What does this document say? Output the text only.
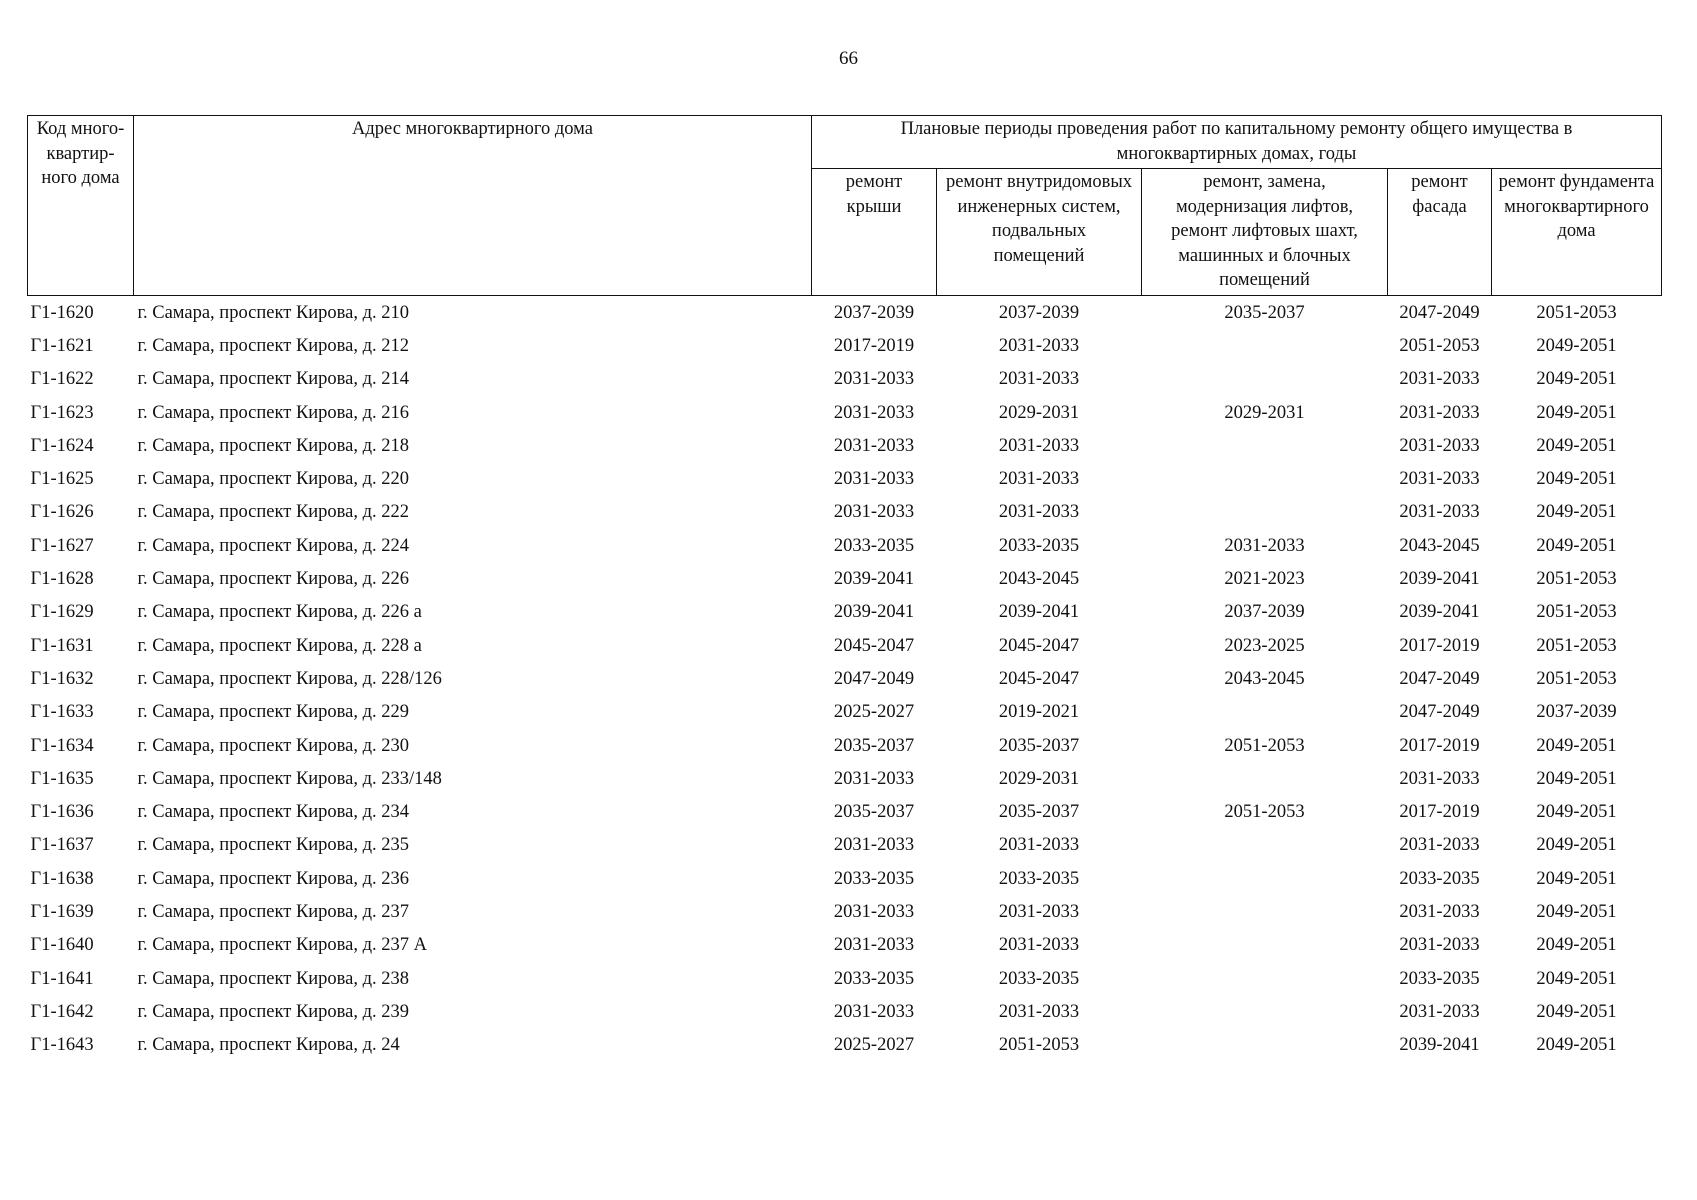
66
Код много-квартир-ного дома	Адрес многоквартирного дома	Плановые периоды проведения работ по капитальному ремонту общего имущества в многоквартирных домах, годы				
		ремонт крыши	ремонт внутридомовых инженерных систем, подвальных помещений	ремонт, замена, модернизация лифтов, ремонт лифтовых шахт, машинных и блочных помещений	ремонт фасада	ремонт фундамента многоквартирного дома
Г1-1620	г. Самара, проспект Кирова, д. 210	2037-2039	2037-2039	2035-2037	2047-2049	2051-2053
Г1-1621	г. Самара, проспект Кирова, д. 212	2017-2019	2031-2033		2051-2053	2049-2051
Г1-1622	г. Самара, проспект Кирова, д. 214	2031-2033	2031-2033		2031-2033	2049-2051
Г1-1623	г. Самара, проспект Кирова, д. 216	2031-2033	2029-2031	2029-2031	2031-2033	2049-2051
Г1-1624	г. Самара, проспект Кирова, д. 218	2031-2033	2031-2033		2031-2033	2049-2051
Г1-1625	г. Самара, проспект Кирова, д. 220	2031-2033	2031-2033		2031-2033	2049-2051
Г1-1626	г. Самара, проспект Кирова, д. 222	2031-2033	2031-2033		2031-2033	2049-2051
Г1-1627	г. Самара, проспект Кирова, д. 224	2033-2035	2033-2035	2031-2033	2043-2045	2049-2051
Г1-1628	г. Самара, проспект Кирова, д. 226	2039-2041	2043-2045	2021-2023	2039-2041	2051-2053
Г1-1629	г. Самара, проспект Кирова, д. 226 а	2039-2041	2039-2041	2037-2039	2039-2041	2051-2053
Г1-1631	г. Самара, проспект Кирова, д. 228 а	2045-2047	2045-2047	2023-2025	2017-2019	2051-2053
Г1-1632	г. Самара, проспект Кирова, д. 228/126	2047-2049	2045-2047	2043-2045	2047-2049	2051-2053
Г1-1633	г. Самара, проспект Кирова, д. 229	2025-2027	2019-2021		2047-2049	2037-2039
Г1-1634	г. Самара, проспект Кирова, д. 230	2035-2037	2035-2037	2051-2053	2017-2019	2049-2051
Г1-1635	г. Самара, проспект Кирова, д. 233/148	2031-2033	2029-2031		2031-2033	2049-2051
Г1-1636	г. Самара, проспект Кирова, д. 234	2035-2037	2035-2037	2051-2053	2017-2019	2049-2051
Г1-1637	г. Самара, проспект Кирова, д. 235	2031-2033	2031-2033		2031-2033	2049-2051
Г1-1638	г. Самара, проспект Кирова, д. 236	2033-2035	2033-2035		2033-2035	2049-2051
Г1-1639	г. Самара, проспект Кирова, д. 237	2031-2033	2031-2033		2031-2033	2049-2051
Г1-1640	г. Самара, проспект Кирова, д. 237 А	2031-2033	2031-2033		2031-2033	2049-2051
Г1-1641	г. Самара, проспект Кирова, д. 238	2033-2035	2033-2035		2033-2035	2049-2051
Г1-1642	г. Самара, проспект Кирова, д. 239	2031-2033	2031-2033		2031-2033	2049-2051
Г1-1643	г. Самара, проспект Кирова, д. 24	2025-2027	2051-2053		2039-2041	2049-2051
